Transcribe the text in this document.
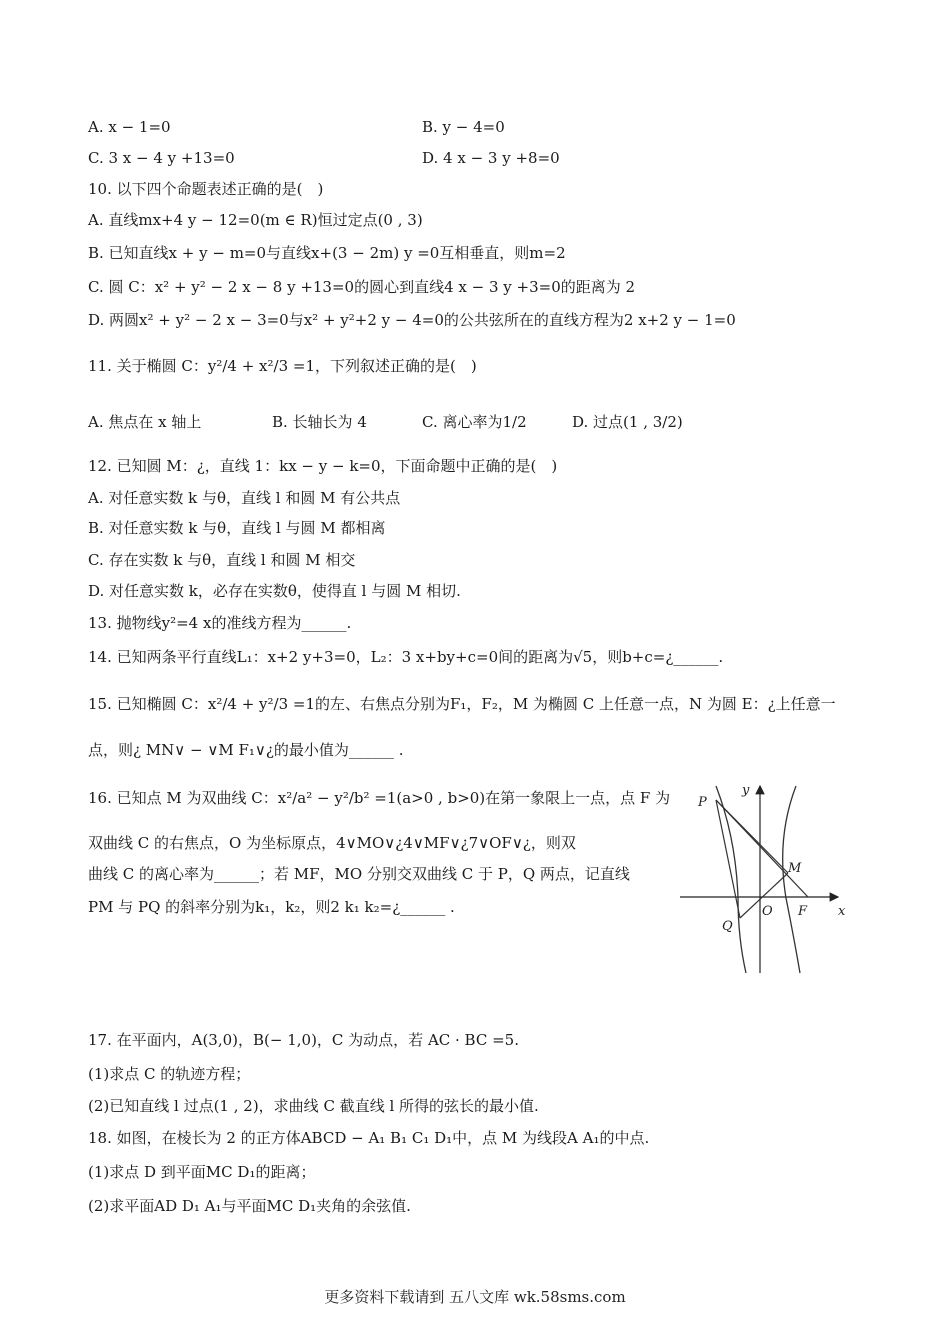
A. x − 1=0	B. y − 4=0
C. 3 x − 4 y +13=0	D. 4 x − 3 y +8=0
10. 以下四个命题表述正确的是(　)
A. 直线mx+4 y − 12=0(m ∈ R)恒过定点(0 , 3)
B. 已知直线x + y − m=0与直线x+(3 − 2m) y =0互相垂直，则m=2
C. 圆 C：x² + y² − 2 x − 8 y +13=0的圆心到直线4 x − 3 y +3=0的距离为 2
D. 两圆x² + y² − 2 x − 3=0与x² + y²+2 y − 4=0的公共弦所在的直线方程为2 x+2 y − 1=0
11. 关于椭圆 C：y²/4 + x²/3 =1，下列叙述正确的是(　)
A. 焦点在 x 轴上	B. 长轴长为 4	C. 离心率为1/2	D. 过点(1 , 3/2)
12. 已知圆 M：¿，直线 1：kx − y − k=0，下面命题中正确的是(　)
A. 对任意实数 k 与θ，直线 l 和圆 M 有公共点
B. 对任意实数 k 与θ，直线 l 与圆 M 都相离
C. 存在实数 k 与θ，直线 l 和圆 M 相交
D. 对任意实数 k，必存在实数θ，使得直 l 与圆 M 相切.
13. 抛物线y²=4 x的准线方程为______.
14. 已知两条平行直线L₁：x+2 y+3=0，L₂：3 x+by+c=0间的距离为√5，则b+c=¿______.
15. 已知椭圆 C：x²/4 + y²/3 =1的左、右焦点分别为F₁，F₂，M 为椭圆 C 上任意一点，N 为圆 E：¿上任意一
点，则¿ MN∨ − ∨M F₁∨¿的最小值为______ .
16. 已知点 M 为双曲线 C：x²/a² − y²/b² =1(a>0 , b>0)在第一象限上一点，点 F 为
双曲线 C 的右焦点，O 为坐标原点，4∨MO∨¿4∨MF∨¿7∨OF∨¿，则双
曲线 C 的离心率为______；若 MF，MO 分别交双曲线 C 于 P，Q 两点，记直线
PM 与 PQ 的斜率分别为k₁，k₂，则2 k₁ k₂=¿______ .
P
y
M
O F x
Q
17. 在平面内，A(3,0)，B(− 1,0)，C 为动点，若 AC · BC =5.
(1)求点 C 的轨迹方程；
(2)已知直线 l 过点(1 , 2)，求曲线 C 截直线 l 所得的弦长的最小值.
18. 如图，在棱长为 2 的正方体ABCD − A₁ B₁ C₁ D₁中，点 M 为线段A A₁的中点.
(1)求点 D 到平面MC D₁的距离；
(2)求平面AD D₁ A₁与平面MC D₁夹角的余弦值.
更多资料下载请到 五八文库 wk.58sms.com
